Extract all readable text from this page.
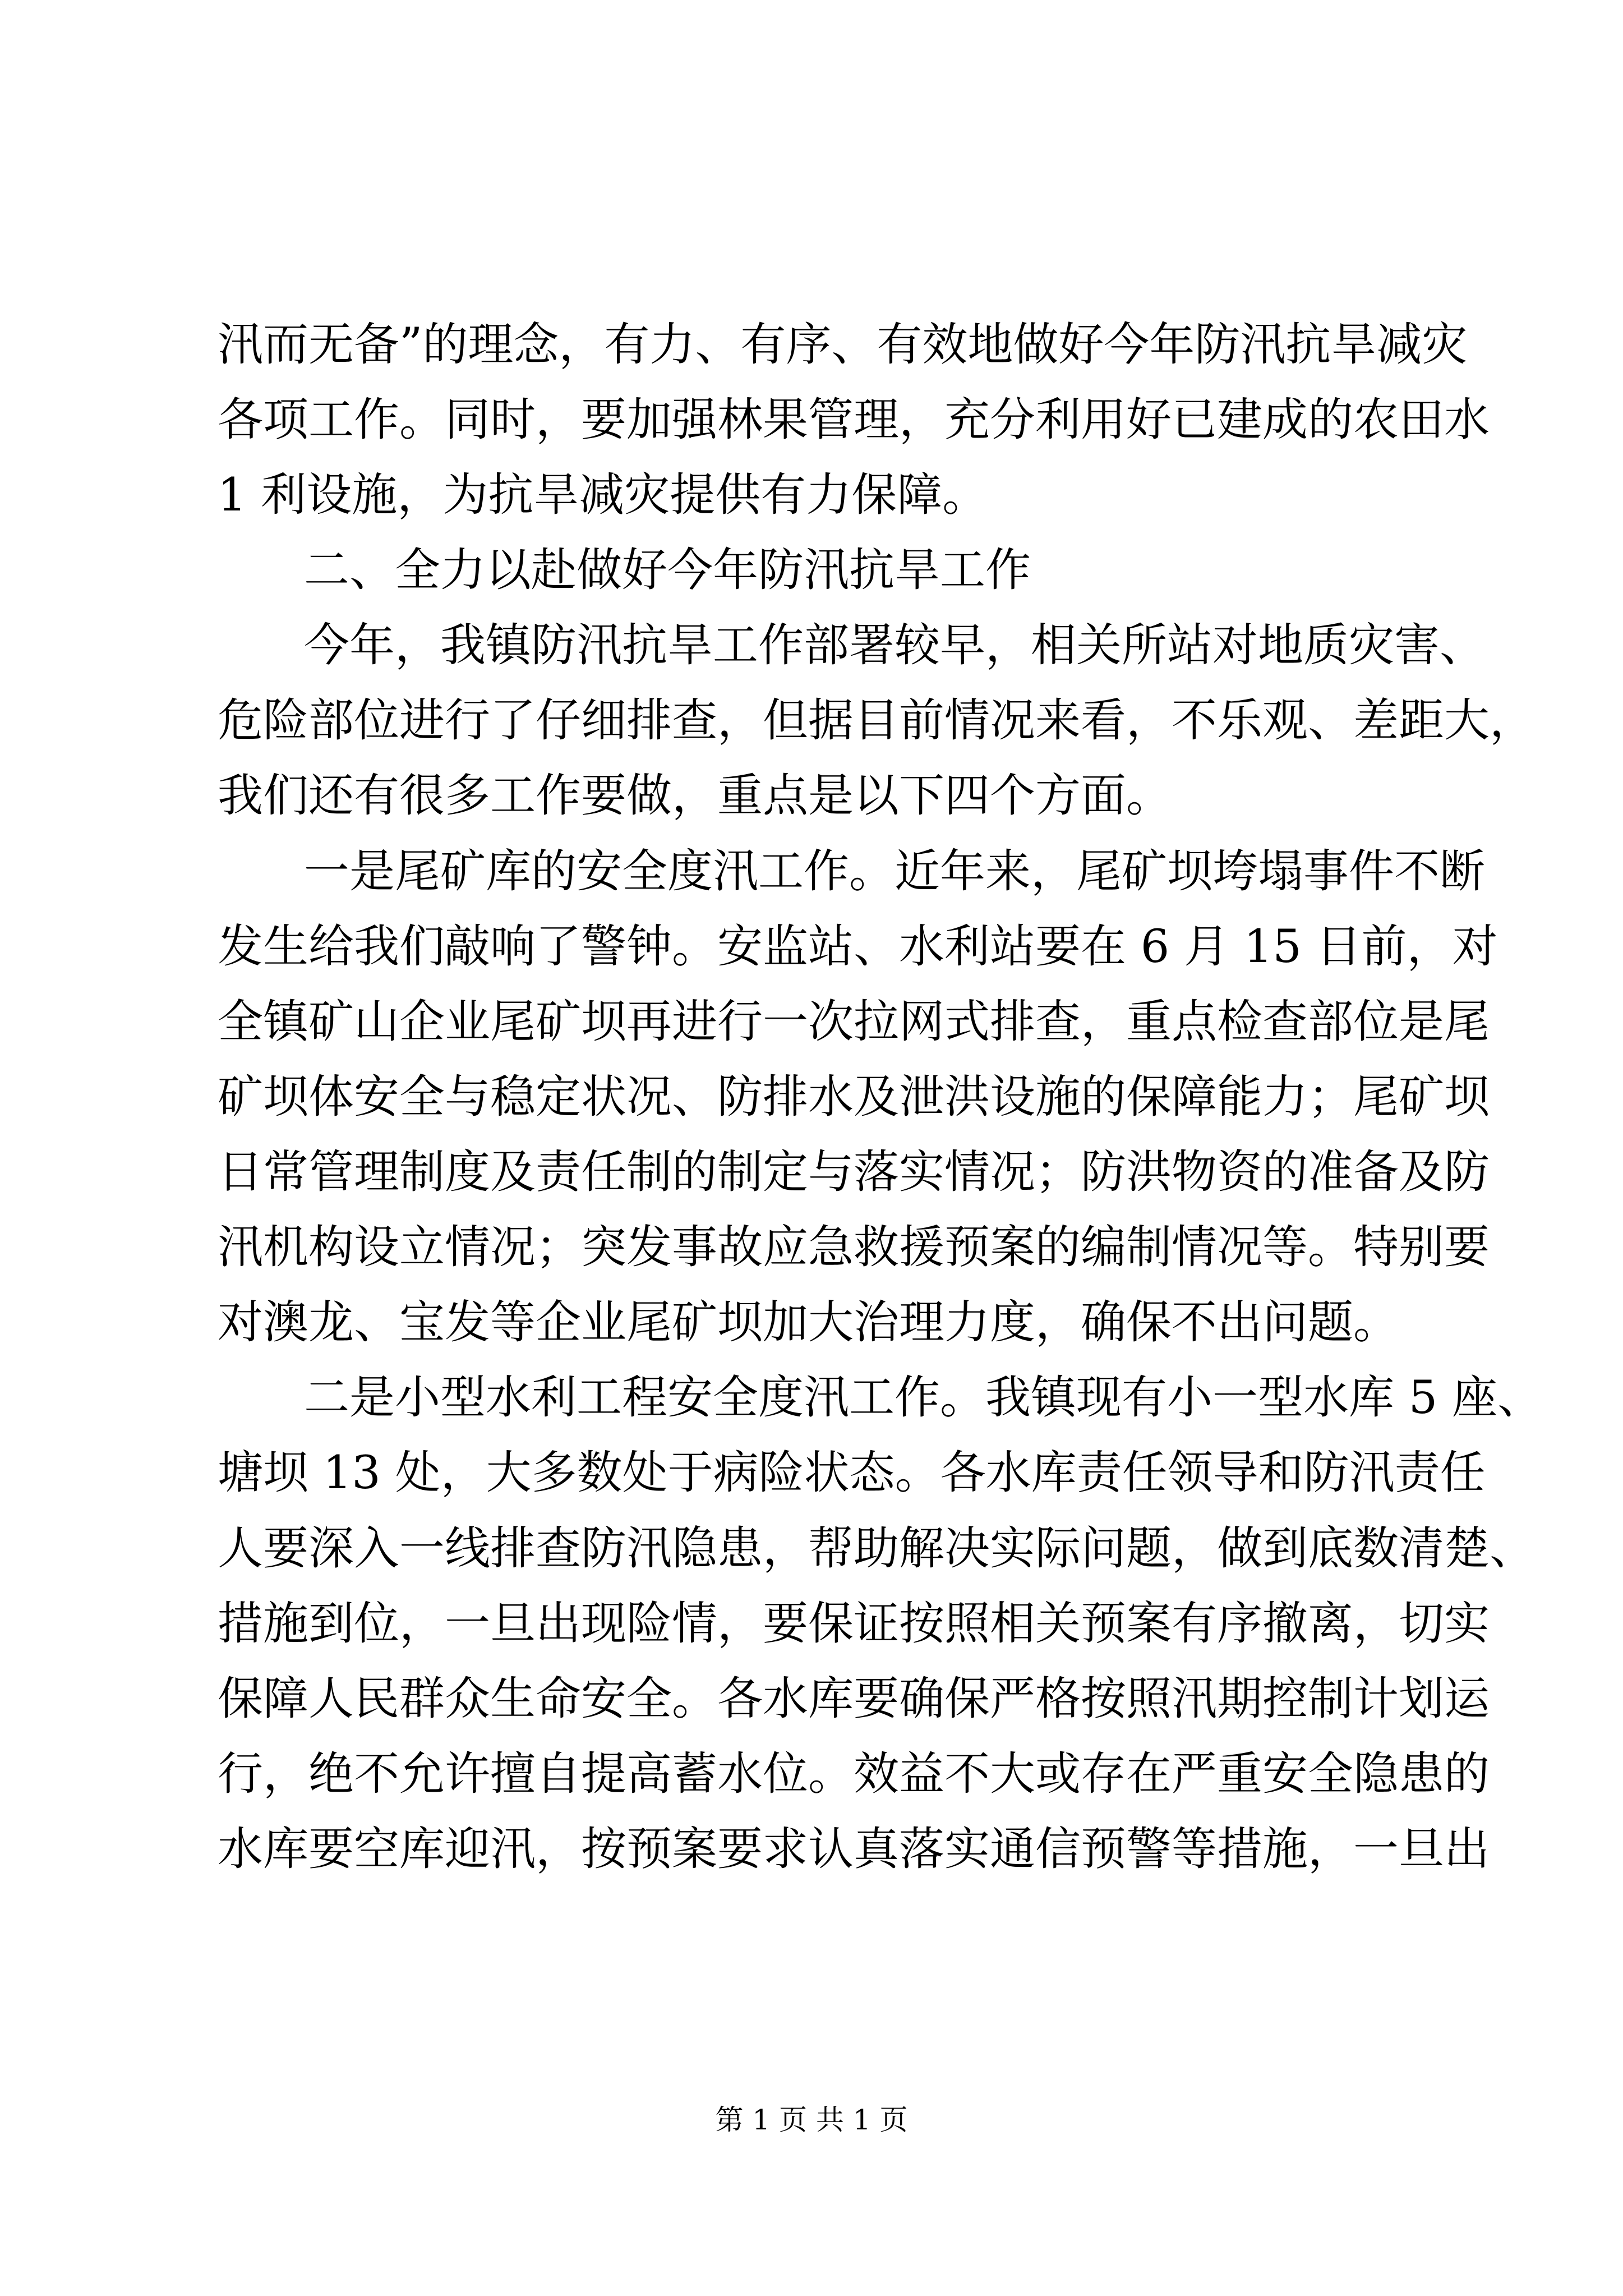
汛而无备”的理念，有力、有序、有效地做好今年防汛抗旱减灾
各项工作。同时，要加强林果管理，充分利用好已建成的农田水
1 利设施，为抗旱减灾提供有力保障。
二、全力以赴做好今年防汛抗旱工作
今年，我镇防汛抗旱工作部署较早，相关所站对地质灾害、
危险部位进行了仔细排查，但据目前情况来看，不乐观、差距大，
我们还有很多工作要做，重点是以下四个方面。
一是尾矿库的安全度汛工作。近年来，尾矿坝垮塌事件不断
发生给我们敲响了警钟。安监站、水利站要在 6 月 15 日前，对
全镇矿山企业尾矿坝再进行一次拉网式排查，重点检查部位是尾
矿坝体安全与稳定状况、防排水及泄洪设施的保障能力；尾矿坝
日常管理制度及责任制的制定与落实情况；防洪物资的准备及防
汛机构设立情况；突发事故应急救援预案的编制情况等。特别要
对澳龙、宝发等企业尾矿坝加大治理力度，确保不出问题。
二是小型水利工程安全度汛工作。我镇现有小一型水库 5 座、
塘坝 13 处，大多数处于病险状态。各水库责任领导和防汛责任
人要深入一线排查防汛隐患，帮助解决实际问题，做到底数清楚、
措施到位，一旦出现险情，要保证按照相关预案有序撤离，切实
保障人民群众生命安全。各水库要确保严格按照汛期控制计划运
行，绝不允许擅自提高蓄水位。效益不大或存在严重安全隐患的
水库要空库迎汛，按预案要求认真落实通信预警等措施，一旦出
第 1 页 共 1 页
